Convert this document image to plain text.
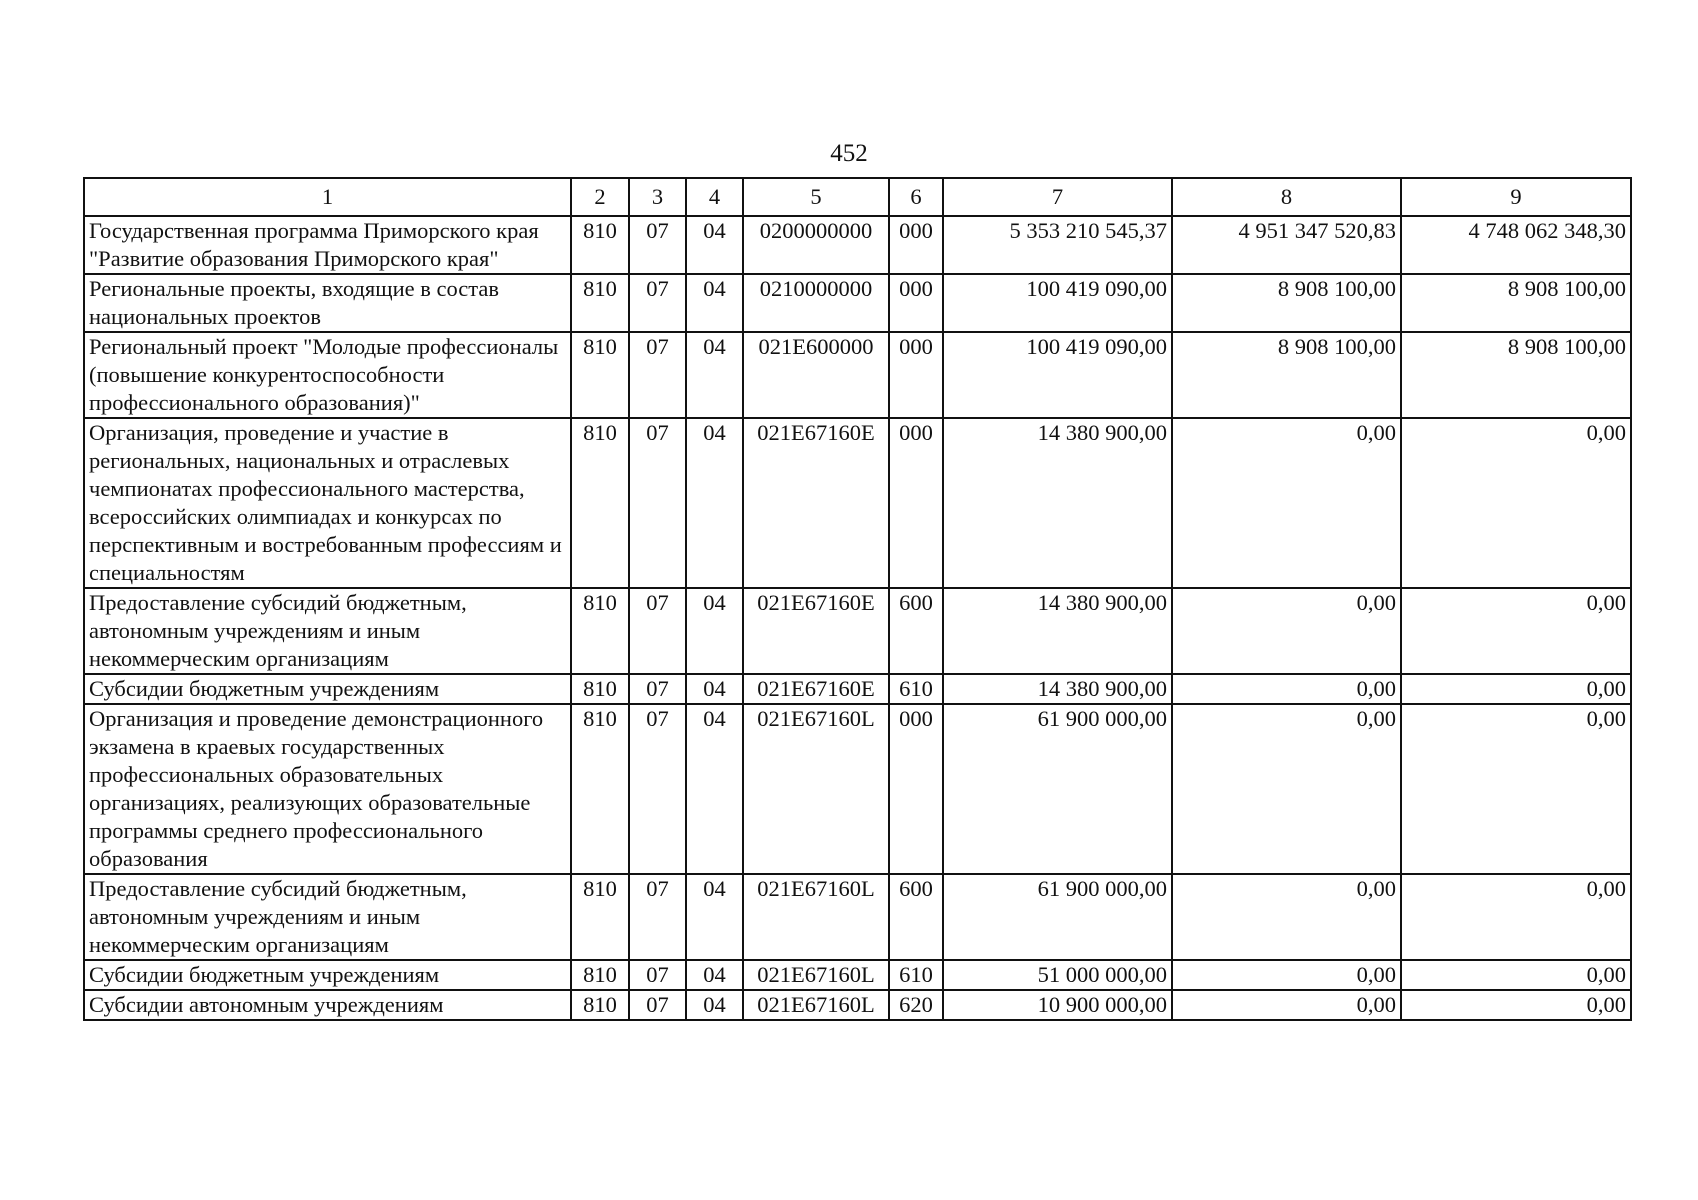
452
1	2	3	4	5	6	7	8	9
Государственная программа Приморского края "Развитие образования Приморского края"	810	07	04	0200000000	000	5 353 210 545,37	4 951 347 520,83	4 748 062 348,30
Региональные проекты, входящие в состав национальных проектов	810	07	04	0210000000	000	100 419 090,00	8 908 100,00	8 908 100,00
Региональный проект "Молодые профессионалы (повышение конкурентоспособности профессионального образования)"	810	07	04	021E600000	000	100 419 090,00	8 908 100,00	8 908 100,00
Организация, проведение и участие в региональных, национальных и отраслевых чемпионатах профессионального мастерства, всероссийских олимпиадах и конкурсах по перспективным и востребованным профессиям и специальностям	810	07	04	021E67160E	000	14 380 900,00	0,00	0,00
Предоставление субсидий бюджетным, автономным учреждениям и иным некоммерческим организациям	810	07	04	021E67160E	600	14 380 900,00	0,00	0,00
Субсидии бюджетным учреждениям	810	07	04	021E67160E	610	14 380 900,00	0,00	0,00
Организация и проведение демонстрационного экзамена в краевых государственных профессиональных образовательных организациях, реализующих образовательные программы среднего профессионального образования	810	07	04	021E67160L	000	61 900 000,00	0,00	0,00
Предоставление субсидий бюджетным, автономным учреждениям и иным некоммерческим организациям	810	07	04	021E67160L	600	61 900 000,00	0,00	0,00
Субсидии бюджетным учреждениям	810	07	04	021E67160L	610	51 000 000,00	0,00	0,00
Субсидии автономным учреждениям	810	07	04	021E67160L	620	10 900 000,00	0,00	0,00
